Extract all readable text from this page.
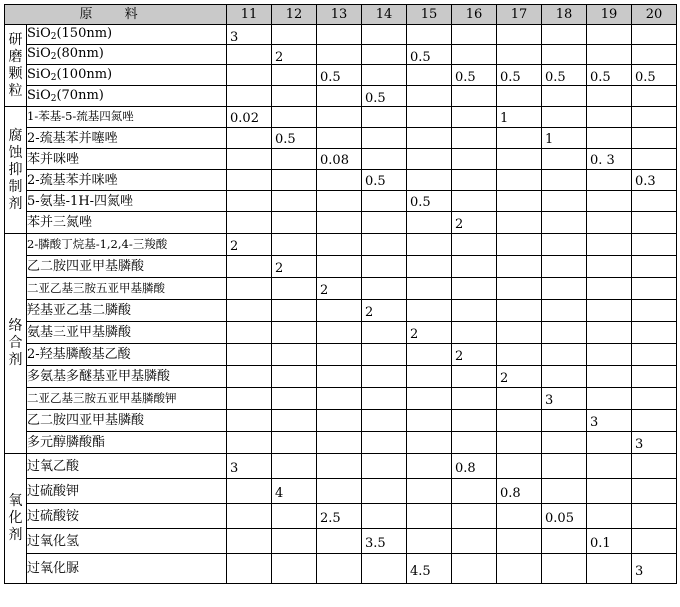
原 料		11	12	13	14	15	16	17	18	19	20
研磨颗粒	SiO$_2$(150nm)	3									

	SiO$_2$(80nm)		2			0.5					

	SiO$_2$(100nm)			0.5			0.5	0.5	0.5	0.5	0.5

	SiO$_2$(70nm)				0.5						

腐蚀抑制剂	1-苯基-5-巯基四氮唑	0.02						1			

	2-巯基苯并噻唑		0.5						1		

	苯并咪唑			0.08						0. 3	

	2-巯基苯并咪唑				0.5						0.3

	5-氨基-1H-四氮唑					0.5					

	苯并三氮唑						2				

络合剂	2-膦酸丁烷基-1,2,4-三羧酸	2									

	乙二胺四亚甲基膦酸		2								

	二亚乙基三胺五亚甲基膦酸			2							

	羟基亚乙基二膦酸				2						

	氨基三亚甲基膦酸					2					

	2-羟基膦酸基乙酸						2				

	多氨基多醚基亚甲基膦酸							2			

	二亚乙基三胺五亚甲基膦酸钾								3		

	乙二胺四亚甲基膦酸									3	

	多元醇膦酸酯										3

氧化剂	过氧乙酸	3					0.8				

	过硫酸钾		4					0.8			

	过硫酸铵			2.5					0.05		

	过氧化氢				3.5					0.1	

	过氧化脲					4.5					3
